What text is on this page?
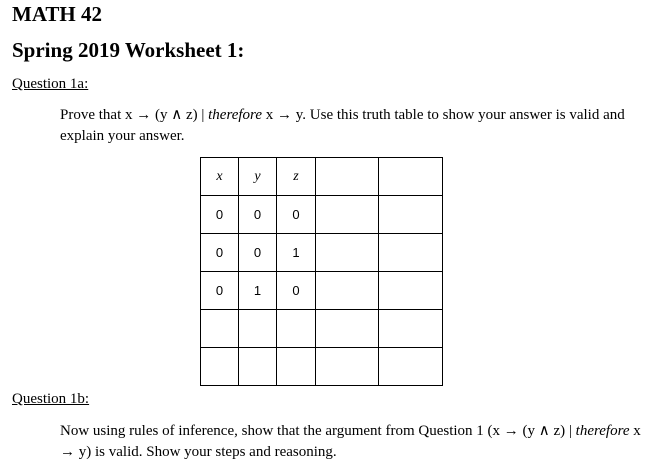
MATH 42
Spring 2019 Worksheet 1:

Question 1a:

Prove that x → (y ∧ z) | therefore x → y. Use this truth table to show your answer is valid and explain your answer.

x	y	z		
0	0	0		
0	0	1		
0	1	0		

Question 1b:

Now using rules of inference, show that the argument from Question 1 (x → (y ∧ z) | therefore x → y) is valid. Show your steps and reasoning.
